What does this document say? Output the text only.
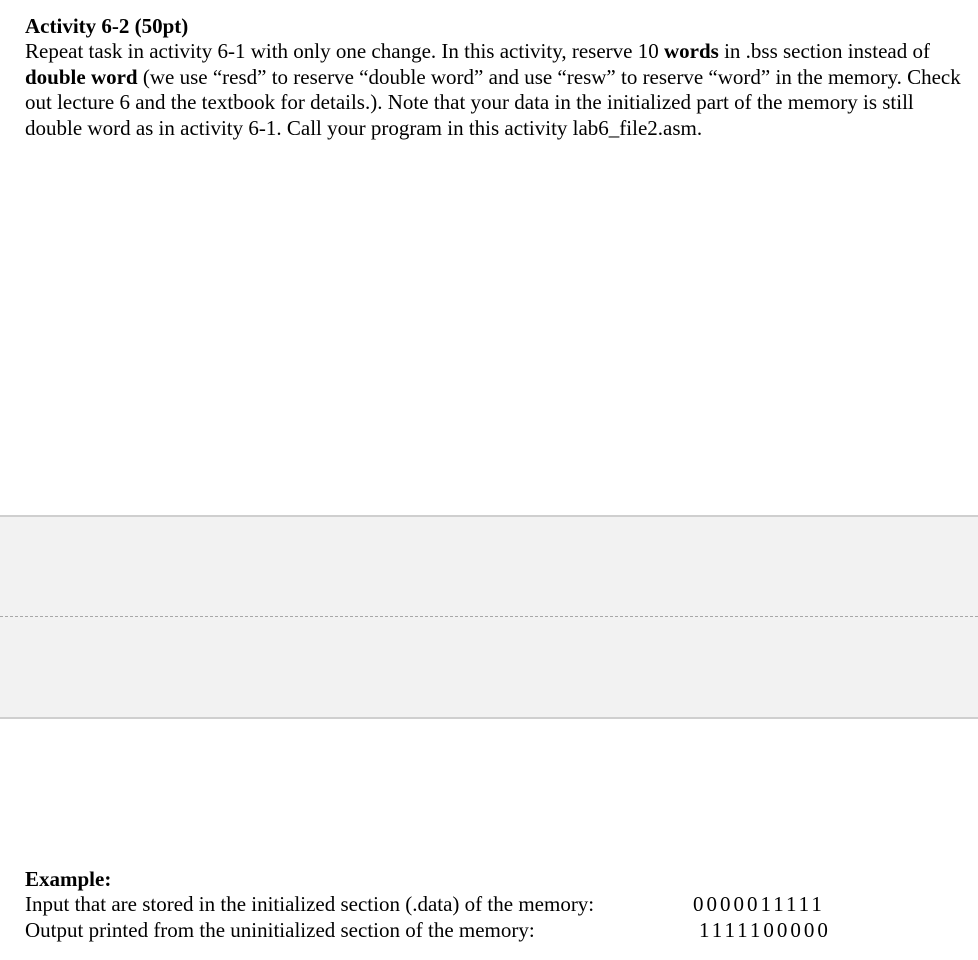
Activity 6-2 (50pt)
Repeat task in activity 6-1 with only one change. In this activity, reserve 10 words in .bss section instead of double word (we use “resd” to reserve “double word” and use “resw” to reserve “word” in the memory. Check out lecture 6 and the textbook for details.). Note that your data in the initialized part of the memory is still double word as in activity 6-1. Call your program in this activity lab6_file2.asm.
Example:
Input that are stored in the initialized section (.data) of the memory:	0000011111
Output printed from the uninitialized section of the memory:	1111100000
